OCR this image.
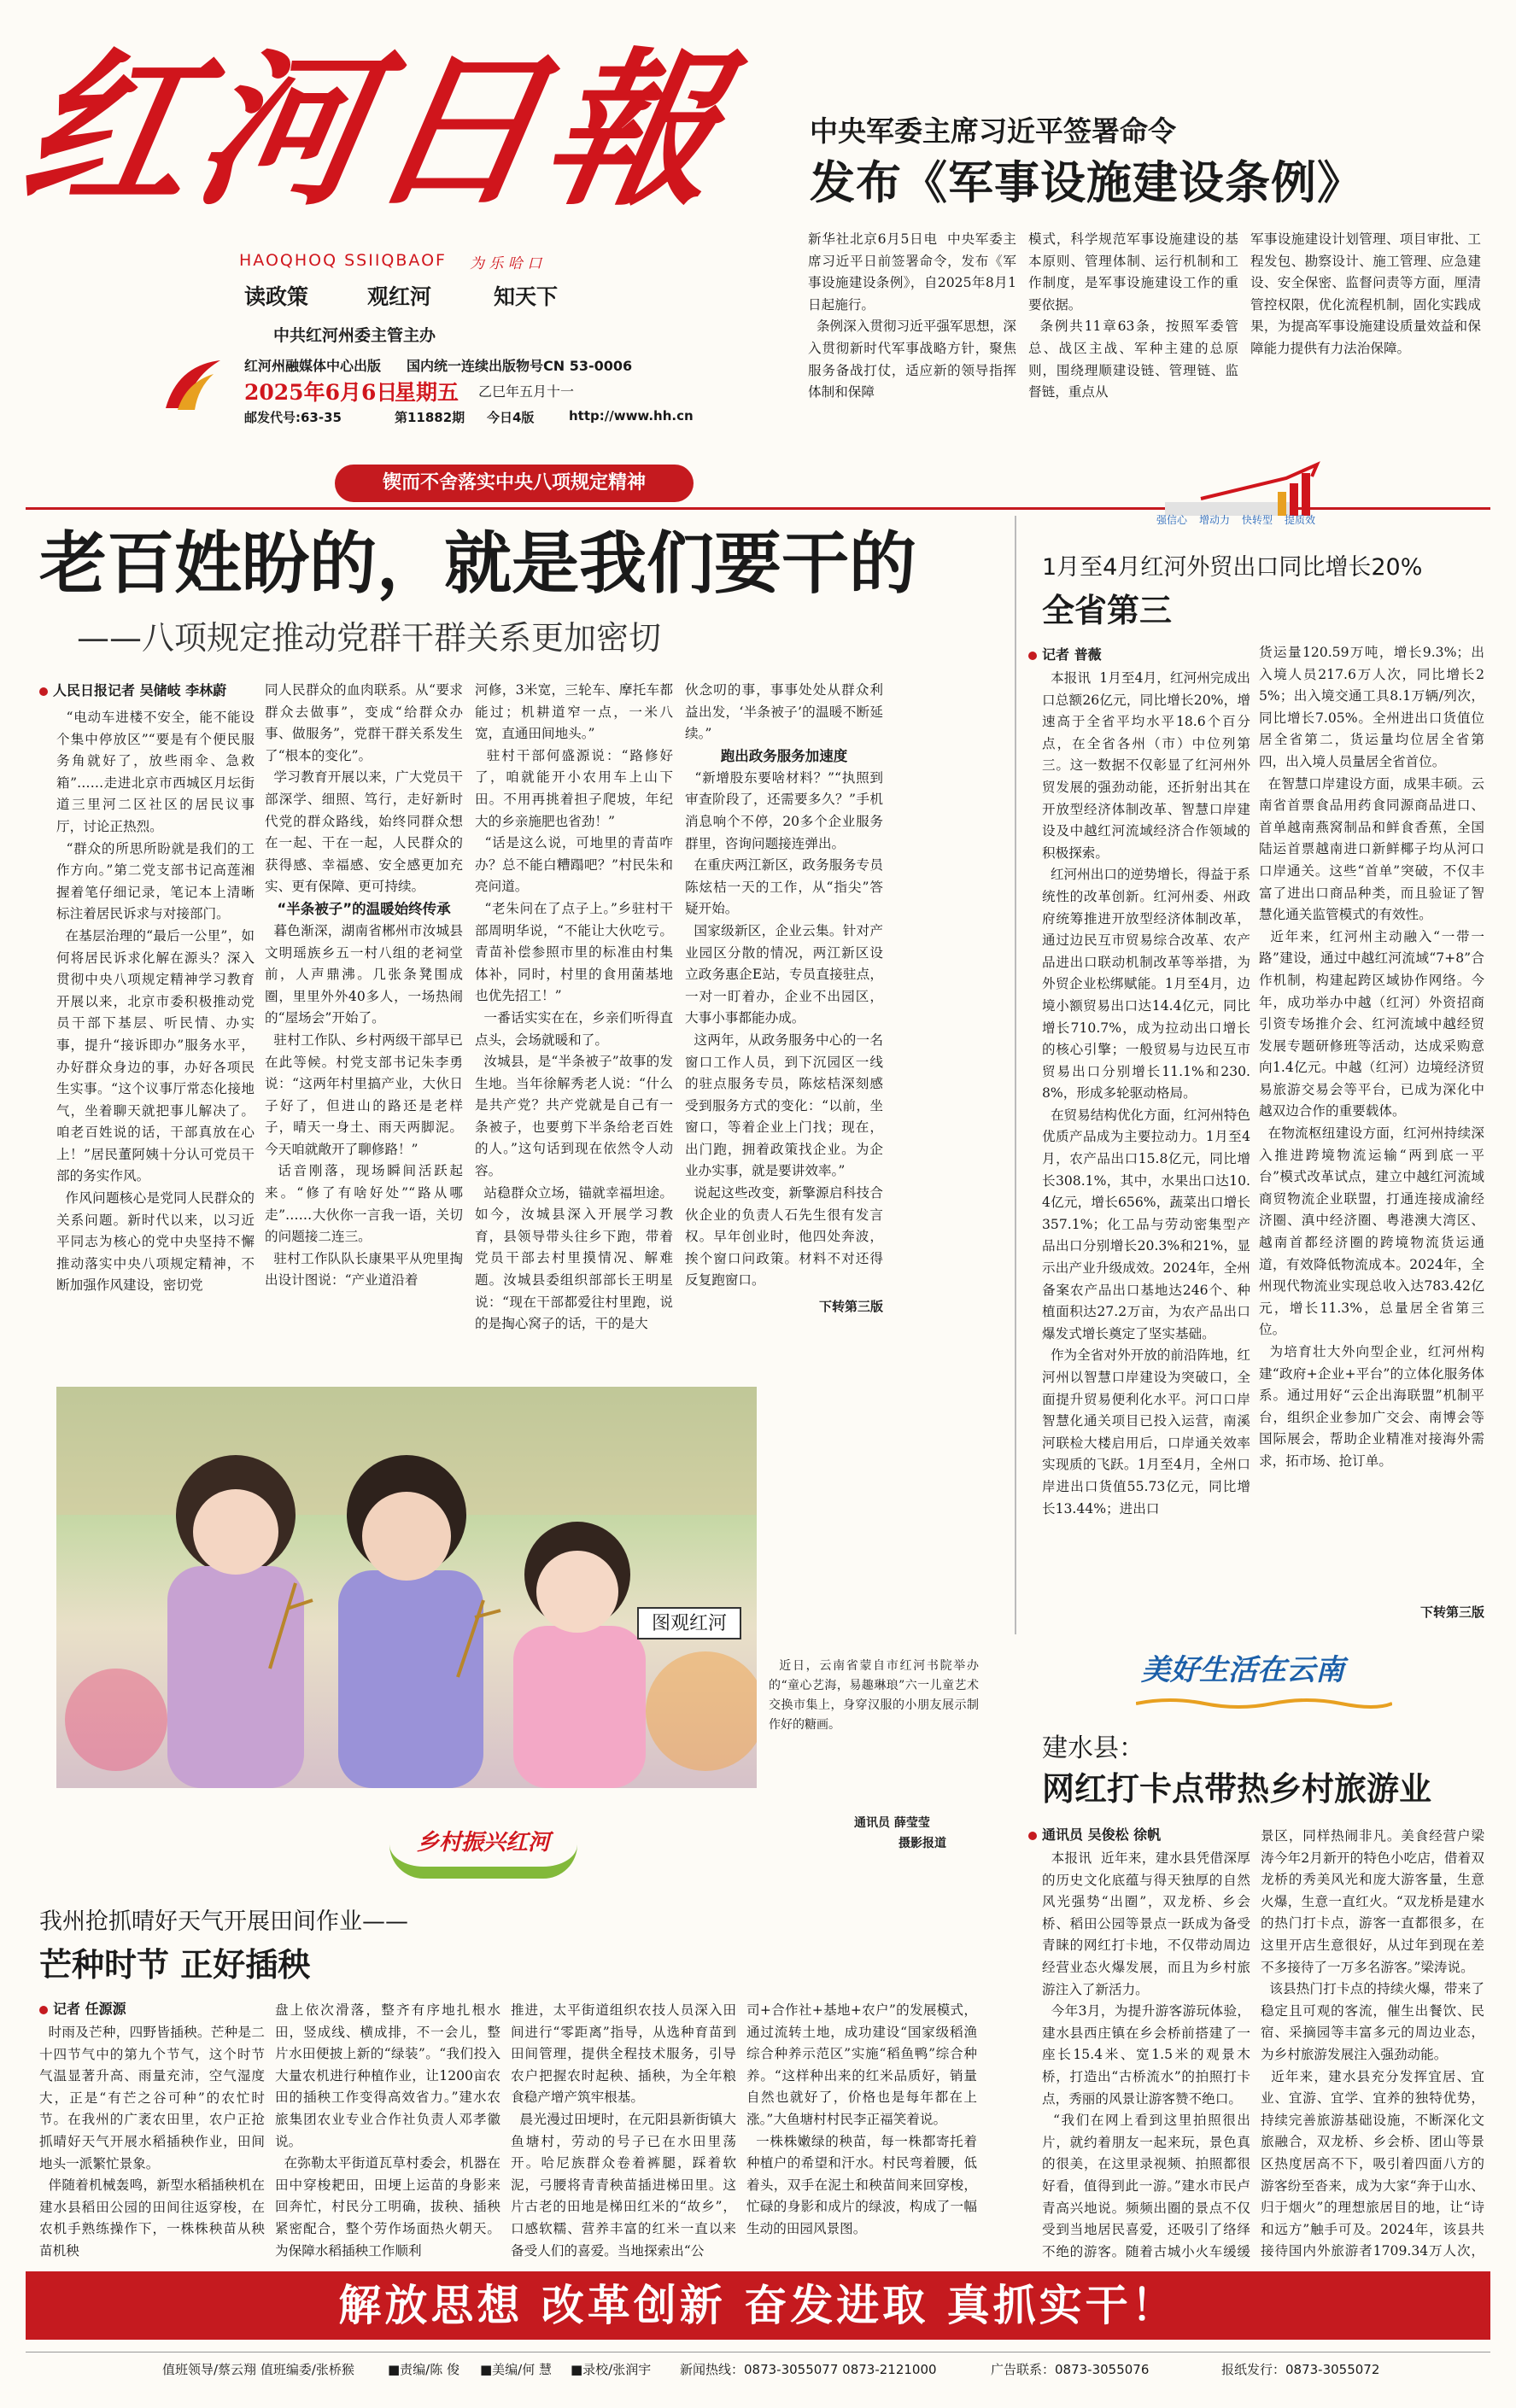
红河日報
HAOQHOQ SSIIQBAOF 为 乐 哈 口
读政策	观红河	知天下
中共红河州委主管主办
红河州融媒体中心出版 国内统一连续出版物号CN 53-0006
2025年6月6日
星期五 乙巳年五月十一
邮发代号:63-35	第11882期 今日4版	http://www.hh.cn
中央军委主席习近平签署命令
发布《军事设施建设条例》
新华社北京6月5日电  中央军委主席习近平日前签署命令，发布《军事设施建设条例》，自2025年8月1日起施行。
条例深入贯彻习近平强军思想，深入贯彻新时代军事战略方针，聚焦服务备战打仗，适应新的领导指挥体制和保障
模式，科学规范军事设施建设的基本原则、管理体制、运行机制和工作制度，是军事设施建设工作的重要依据。
条例共11章63条，按照军委管总、战区主战、军种主建的总原则，围绕理顺建设链、管理链、监督链，重点从
军事设施建设计划管理、项目审批、工程发包、勘察设计、施工管理、应急建设、安全保密、监督问责等方面，厘清管控权限，优化流程机制，固化实践成果，为提高军事设施建设质量效益和保障能力提供有力法治保障。
锲而不舍落实中央八项规定精神
老百姓盼的，就是我们要干的
——八项规定推动党群干群关系更加密切
人民日报记者 吴储岐 李林蔚
“电动车进楼不安全，能不能设个集中停放区”“要是有个便民服务角就好了，放些雨伞、急救箱”……走进北京市西城区月坛街道三里河二区社区的居民议事厅，讨论正热烈。
“群众的所思所盼就是我们的工作方向。”第二党支部书记高莲湘握着笔仔细记录，笔记本上清晰标注着居民诉求与对接部门。
在基层治理的“最后一公里”，如何将居民诉求化解在源头？深入贯彻中央八项规定精神学习教育开展以来，北京市委积极推动党员干部下基层、听民情、办实事，提升“接诉即办”服务水平，办好群众身边的事，办好各项民生实事。“这个议事厅常态化接地气，坐着聊天就把事儿解决了。咱老百姓说的话，干部真放在心上！”居民董阿姨十分认可党员干部的务实作风。
作风问题核心是党同人民群众的关系问题。新时代以来，以习近平同志为核心的党中央坚持不懈推动落实中央八项规定精神，不断加强作风建设，密切党
同人民群众的血肉联系。从“要求群众去做事”，变成“给群众办事、做服务”，党群干群关系发生了“根本的变化”。
学习教育开展以来，广大党员干部深学、细照、笃行，走好新时代党的群众路线，始终同群众想在一起、干在一起，人民群众的获得感、幸福感、安全感更加充实、更有保障、更可持续。

“半条被子”的温暖始终传承
暮色渐深，湖南省郴州市汝城县文明瑶族乡五一村八组的老祠堂前，人声鼎沸。几张条凳围成圈，里里外外40多人，一场热闹的“屋场会”开始了。
驻村工作队、乡村两级干部早已在此等候。村党支部书记朱李勇说：“这两年村里搞产业，大伙日子好了，但进山的路还是老样子，晴天一身土、雨天两脚泥。今天咱就敞开了聊修路！”
话音刚落，现场瞬间活跃起来。“修了有啥好处”“路从哪走”……大伙你一言我一语，关切的问题接二连三。
驻村工作队队长康果平从兜里掏出设计图说：“产业道沿着
河修，3米宽，三轮车、摩托车都能过；机耕道窄一点，一米八宽，直通田间地头。”
驻村干部何盛源说：“路修好了，咱就能开小农用车上山下田。不用再挑着担子爬坡，年纪大的乡亲施肥也省劲！”
“话是这么说，可地里的青苗咋办？总不能白糟蹋吧？”村民朱和亮问道。
“老朱问在了点子上。”乡驻村干部周明华说，“不能让大伙吃亏。青苗补偿参照市里的标准由村集体补，同时，村里的食用菌基地也优先招工！”
一番话实实在在，乡亲们听得直点头，会场就暖和了。
汝城县，是“半条被子”故事的发生地。当年徐解秀老人说：“什么是共产党？共产党就是自己有一条被子，也要剪下半条给老百姓的人。”这句话到现在依然令人动容。
站稳群众立场，锚就幸福坦途。如今，汝城县深入开展学习教育，县领导带头往乡下跑，带着党员干部去村里摸情况、解难题。汝城县委组织部部长王明星说：“现在干部都爱往村里跑，说的是掏心窝子的话，干的是大
伙念叨的事，事事处处从群众利益出发，‘半条被子’的温暖不断延续。”

跑出政务服务加速度
“新增股东要啥材料？”“执照到审查阶段了，还需要多久？”手机消息响个不停，20多个企业服务群里，咨询问题接连弹出。
在重庆两江新区，政务服务专员陈炫桔一天的工作，从“指尖”答疑开始。
国家级新区，企业云集。针对产业园区分散的情况，两江新区设立政务惠企E站，专员直接驻点，一对一盯着办，企业不出园区，大事小事都能办成。
这两年，从政务服务中心的一名窗口工作人员，到下沉园区一线的驻点服务专员，陈炫桔深刻感受到服务方式的变化：“以前，坐窗口，等着企业上门找；现在，出门跑，拥着政策找企业。为企业办实事，就是要讲效率。”
说起这些改变，新擎源启科技合伙企业的负责人石先生很有发言权。早年创业时，他四处奔波，挨个窗口问政策。材料不对还得反复跑窗口。
下转第三版
强信心 增动力 快转型 提质效
1月至4月红河外贸出口同比增长20%
全省第三
记者 普薇
本报讯  1月至4月，红河州完成出口总额26亿元，同比增长20%，增速高于全省平均水平18.6个百分点，在全省各州（市）中位列第三。这一数据不仅彰显了红河州外贸发展的强劲动能，还折射出其在开放型经济体制改革、智慧口岸建设及中越红河流域经济合作领域的积极探索。
红河州出口的逆势增长，得益于系统性的改革创新。红河州委、州政府统筹推进开放型经济体制改革，通过边民互市贸易综合改革、农产品进出口联动机制改革等举措，为外贸企业松绑赋能。1月至4月，边境小额贸易出口达14.4亿元，同比增长710.7%，成为拉动出口增长的核心引擎；一般贸易与边民互市贸易出口分别增长11.1%和230.8%，形成多轮驱动格局。
在贸易结构优化方面，红河州特色优质产品成为主要拉动力。1月至4月，农产品出口15.8亿元，同比增长308.1%，其中，水果出口达10.4亿元，增长656%，蔬菜出口增长357.1%；化工品与劳动密集型产品出口分别增长20.3%和21%，显示出产业升级成效。2024年，全州备案农产品出口基地达246个、种植面积达27.2万亩，为农产品出口爆发式增长奠定了坚实基础。
作为全省对外开放的前沿阵地，红河州以智慧口岸建设为突破口，全面提升贸易便利化水平。河口口岸智慧化通关项目已投入运营，南溪河联检大楼启用后，口岸通关效率实现质的飞跃。1月至4月，全州口岸进出口货值55.73亿元，同比增长13.44%；进出口
货运量120.59万吨，增长9.3%；出入境人员217.6万人次，同比增长25%；出入境交通工具8.1万辆/列次，同比增长7.05%。全州进出口货值位居全省第二，货运量均位居全省第四，出入境人员量居全省首位。
在智慧口岸建设方面，成果丰硕。云南省首票食品用药食同源商品进口、首单越南燕窝制品和鲜食香蕉，全国陆运首票越南进口新鲜椰子均从河口口岸通关。这些“首单”突破，不仅丰富了进出口商品种类，而且验证了智慧化通关监管模式的有效性。
近年来，红河州主动融入“一带一路”建设，通过中越红河流域“7+8”合作机制，构建起跨区域协作网络。今年，成功举办中越（红河）外资招商引资专场推介会、红河流域中越经贸发展专题研修班等活动，达成采购意向1.4亿元。中越（红河）边境经济贸易旅游交易会等平台，已成为深化中越双边合作的重要载体。
在物流枢纽建设方面，红河州持续深入推进跨境物流运输“两到底一平台”模式改革试点，建立中越红河流域商贸物流企业联盟，打通连接成渝经济圈、滇中经济圈、粤港澳大湾区、越南首都经济圈的跨境物流货运通道，有效降低物流成本。2024年，全州现代物流业实现总收入达783.42亿元，增长11.3%，总量居全省第三位。
为培育壮大外向型企业，红河州构建“政府+企业+平台”的立体化服务体系。通过用好“云企出海联盟”机制平台，组织企业参加广交会、南博会等国际展会，帮助企业精准对接海外需求，拓市场、抢订单。
下转第三版
图观红河
近日，云南省蒙自市红河书院举办的“童心艺海，易趣琳琅”六一儿童艺术交换市集上，身穿汉服的小朋友展示制作好的糖画。
通讯员 薛莹莹
摄影报道
乡村振兴红河
我州抢抓晴好天气开展田间作业——
芒种时节 正好插秧
记者 任源源
时雨及芒种，四野皆插秧。芒种是二十四节气中的第九个节气，这个时节气温显著升高、雨量充沛，空气湿度大，正是“有芒之谷可种”的农忙时节。在我州的广袤农田里，农户正抢抓晴好天气开展水稻插秧作业，田间地头一派繁忙景象。
伴随着机械轰鸣，新型水稻插秧机在建水县稻田公园的田间往返穿梭，在农机手熟练操作下，一株株秧苗从秧苗机秧
盘上依次滑落，整齐有序地扎根水田，竖成线、横成排，不一会儿，整片水田便披上新的“绿装”。“我们投入大量农机进行种植作业，让1200亩农田的插秧工作变得高效省力。”建水农旅集团农业专业合作社负责人邓孝徽说。
在弥勒太平街道瓦草村委会，机器在田中穿梭耙田，田埂上运苗的身影来回奔忙，村民分工明确，拔秧、插秧紧密配合，整个劳作场面热火朝天。为保障水稻插秧工作顺利
推进，太平街道组织农技人员深入田间进行“零距离”指导，从选种育苗到田间管理，提供全程技术服务，引导农户把握农时起秧、插秧，为全年粮食稳产增产筑牢根基。
晨光漫过田埂时，在元阳县新街镇大鱼塘村，劳动的号子已在水田里荡开。哈尼族群众卷着裤腿，踩着软泥，弓腰将青青秧苗插进梯田里。这片古老的田地是梯田红米的“故乡”，口感软糯、营养丰富的红米一直以来备受人们的喜爱。当地探索出“公
司+合作社+基地+农户”的发展模式，通过流转土地，成功建设“国家级稻渔综合种养示范区”实施“稻鱼鸭”综合种养。“这样种出来的红米品质好，销量自然也就好了，价格也是每年都在上涨。”大鱼塘村村民李正福笑着说。
一株株嫩绿的秧苗，每一株都寄托着种植户的希望和汗水。村民弯着腰，低着头，双手在泥土和秧苗间来回穿梭，忙碌的身影和成片的绿波，构成了一幅生动的田园风景图。
美好生活在云南
建水县：
网红打卡点带热乡村旅游业
通讯员 吴俊松 徐帆
本报讯  近年来，建水县凭借深厚的历史文化底蕴与得天独厚的自然风光强势“出圈”，双龙桥、乡会桥、稻田公园等景点一跃成为备受青睐的网红打卡地，不仅带动周边经营业态火爆发展，而且为乡村旅游注入了新活力。
今年3月，为提升游客游玩体验，建水县西庄镇在乡会桥前搭建了一座长15.4米、宽1.5米的观景木桥，打造出“古桥流水”的拍照打卡点，秀丽的风景让游客赞不绝口。
“我们在网上看到这里拍照很出片，就约着朋友一起来玩，景色真的很美，在这里录视频、拍照都很好看，值得到此一游。”建水市民卢青高兴地说。频频出圈的景点不仅受到当地居民喜爱，还吸引了络绎不绝的游客。随着古城小火车缓缓

景区，同样热闹非凡。美食经营户梁涛今年2月新开的特色小吃店，借着双龙桥的秀美风光和庞大游客量，生意火爆，生意一直红火。“双龙桥是建水的热门打卡点，游客一直都很多，在这里开店生意很好，从过年到现在差不多接待了一万多名游客。”梁涛说。
该县热门打卡点的持续火爆，带来了稳定且可观的客流，催生出餐饮、民宿、采摘园等丰富多元的周边业态，为乡村旅游发展注入强劲动能。
近年来，建水县充分发挥宜居、宜业、宜游、宜学、宜养的独特优势，持续完善旅游基础设施，不断深化文旅融合，双龙桥、乡会桥、团山等景区热度居高不下，吸引着四面八方的游客纷至沓来，成为大家“奔于山水、归于烟火”的理想旅居目的地，让“诗和远方”触手可及。2024年，该县共接待国内外旅游者1709.34万人次，
解放思想 改革创新 奋发进取 真抓实干！
值班领导/蔡云翔 值班编委/张桥猴	■责编/陈 俊 ■美编/何 慧 ■录校/张润宇 新闻热线：0873-3055077 0873-2121000	广告联系：0873-3055076	报纸发行：0873-3055072
